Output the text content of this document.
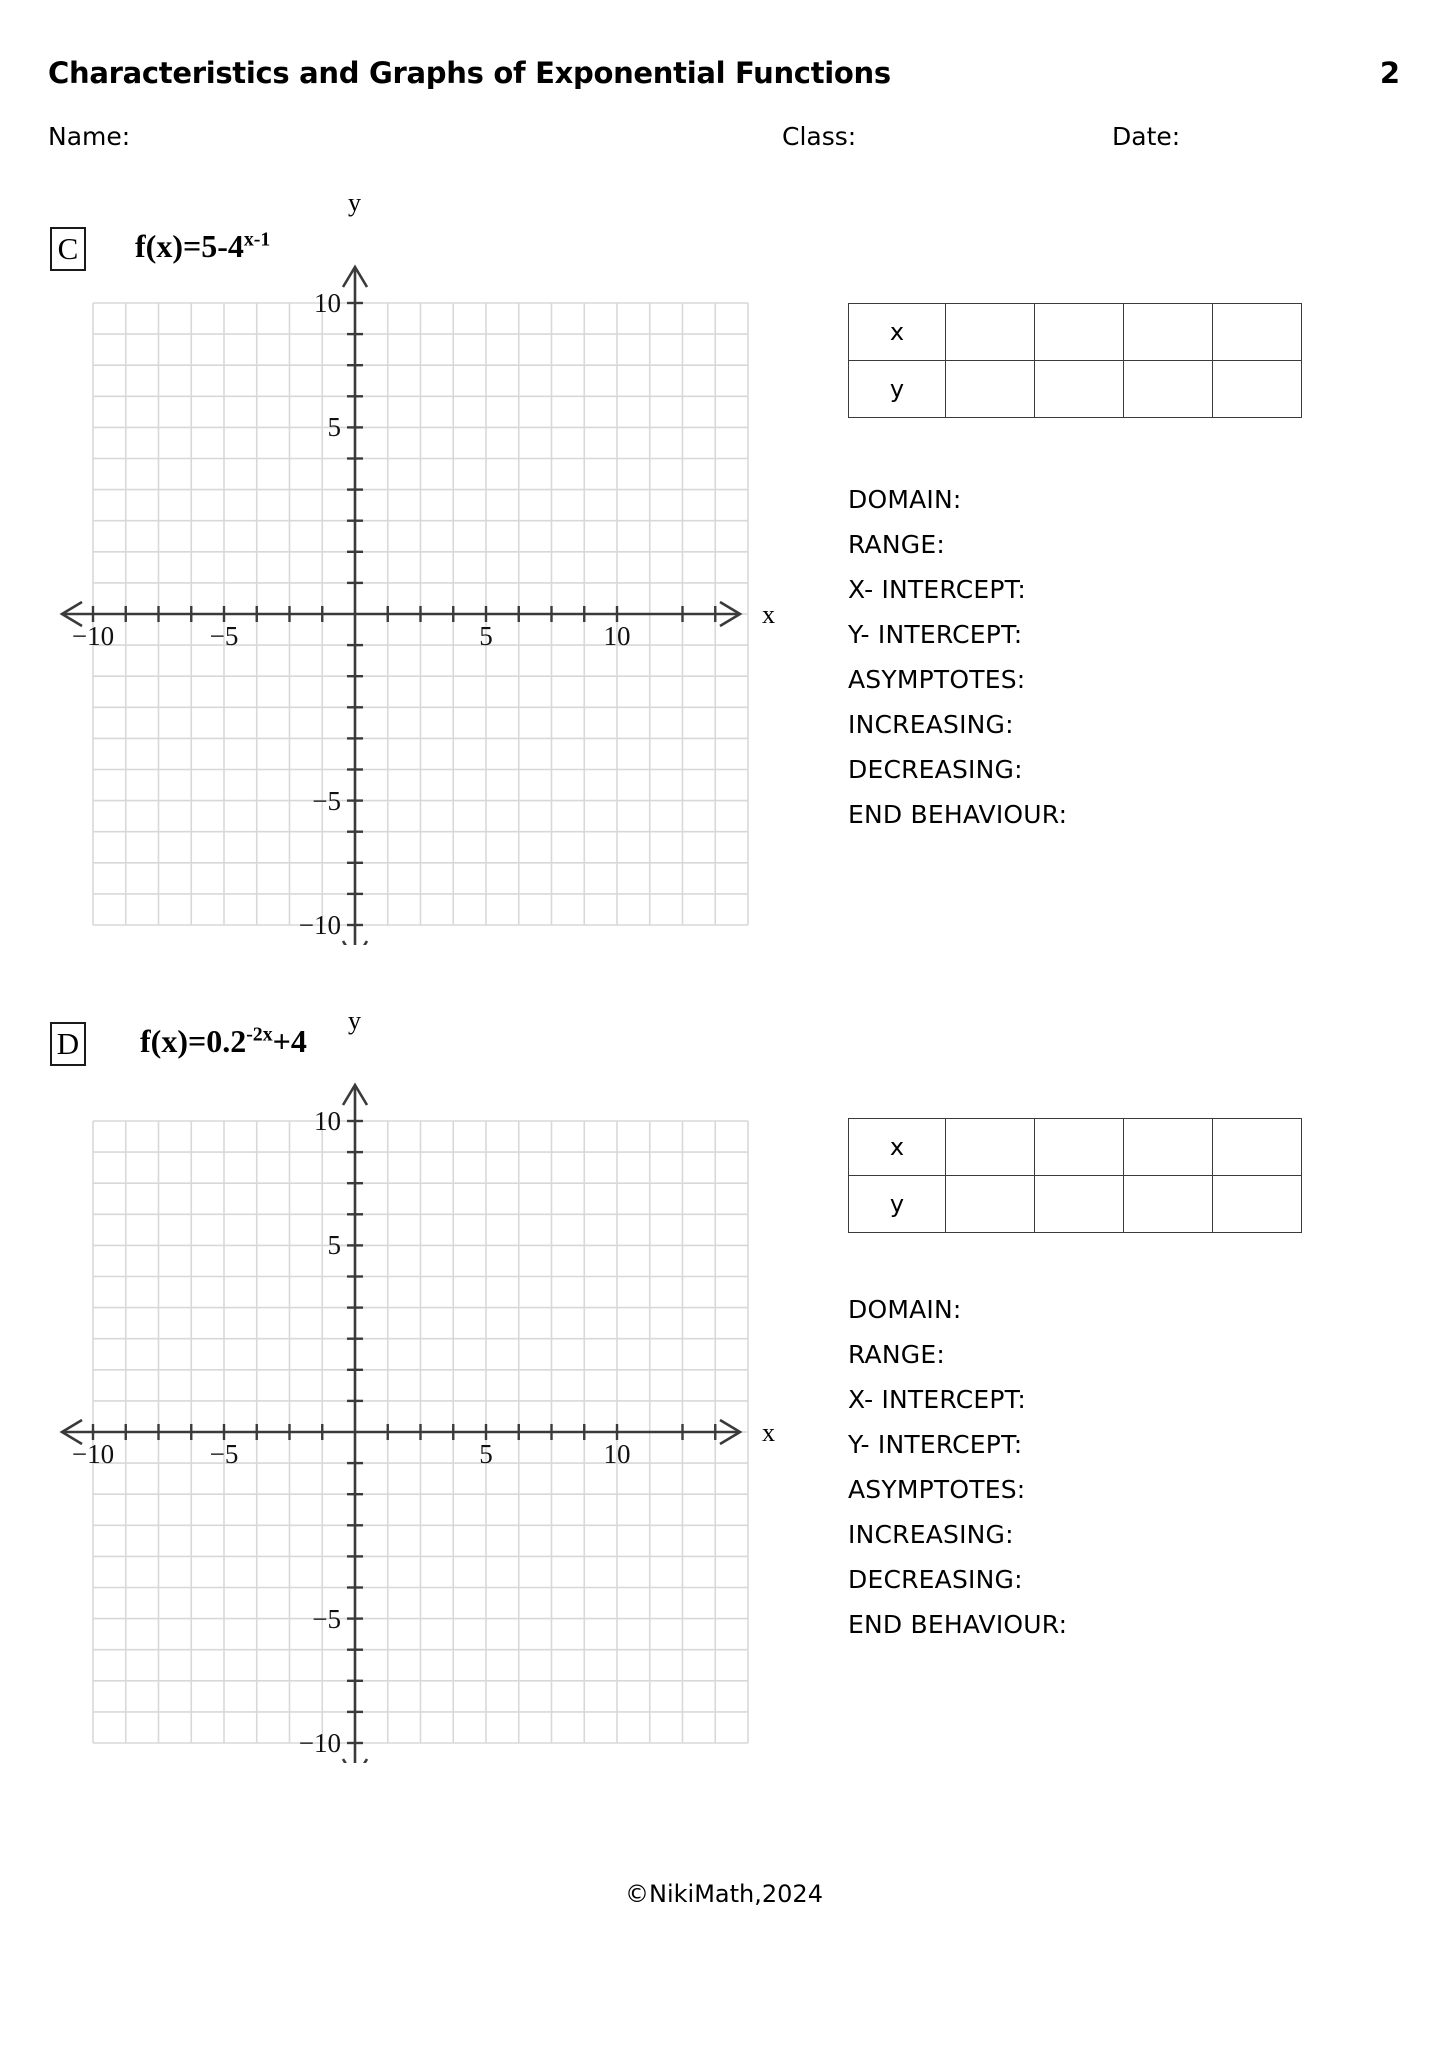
Characteristics and Graphs of Exponential Functions	2
Name:	Class:	Date:
C $f(x)=5-4^{x-1}$
−10	−5	5	10
10
5
−5
−10
x
y
x				
y				
DOMAIN:
RANGE:
X- INTERCEPT:
Y- INTERCEPT:
ASYMPTOTES:
INCREASING:
DECREASING:
END BEHAVIOUR:
D $f(x)=0.2^{-2x}+4$
−10	−5	5	10
10
5
−5
−10
x
y
x				
y				
DOMAIN:
RANGE:
X- INTERCEPT:
Y- INTERCEPT:
ASYMPTOTES:
INCREASING:
DECREASING:
END BEHAVIOUR:
©NikiMath,2024
